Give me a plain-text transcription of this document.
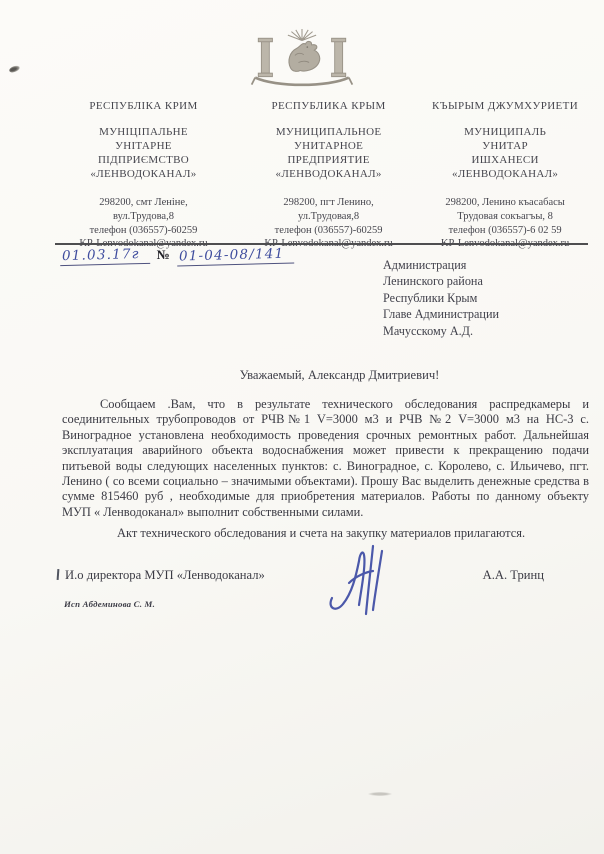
РЕСПУБЛІКА КРИМ
МУНІЦІПАЛЬНЕ
УНІТАРНЕ
ПІДПРИЄМСТВО
«ЛЕНВОДОКАНАЛ»
298200, смт Леніне,
вул.Трудова,8
телефон (036557)-60259
РЕСПУБЛИКА КРЫМ
МУНИЦИПАЛЬНОЕ
УНИТАРНОЕ
ПРЕДПРИЯТИЕ
«ЛЕНВОДОКАНАЛ»
298200, пгт Ленино,
ул.Трудовая,8
телефон (036557)-60259
КЪЫРЫМ ДЖУМХУРИЕТИ
МУНИЦИПАЛЬ
УНИТАР
ИШХАНЕСИ
«ЛЕНВОДОКАНАЛ»
298200, Ленино къасабасы
Трудовая сокъагъы, 8
телефон (036557)-6 02 59
01.03.17г	№ 01-04-08/141
Администрация
Ленинского района
Республики Крым
Главе Администрации
Мачусскому А.Д.
Уважаемый, Александр Дмитриевич!
Сообщаем .Вам, что в результате технического обследования распредкамеры и
соединительных трубопроводов от РЧВ№1 V=3000 м3 и РЧВ №2 V=3000 м3 на НС-3 с.
Виноградное установлена необходимость проведения срочных ремонтных работ. Дальнейшая
эксплуатация аварийного объекта водоснабжения может привести к прекращению подачи
питьевой воды следующих населенных пунктов: с. Виноградное, с. Королево, с. Ильичево, пгт.
Ленино ( со всеми социально – значимыми объектами). Прошу Вас выделить денежные средства в
сумме 815460 руб , необходимые для приобретения материалов. Работы по данному объекту
МУП « Ленводоканал» выполнит собственными силами.
Акт технического обследования и счета на закупку материалов прилагаются.
И.о директора МУП «Ленводоканал»	А.А. Тринц
Исп Абдеминова С. М.
